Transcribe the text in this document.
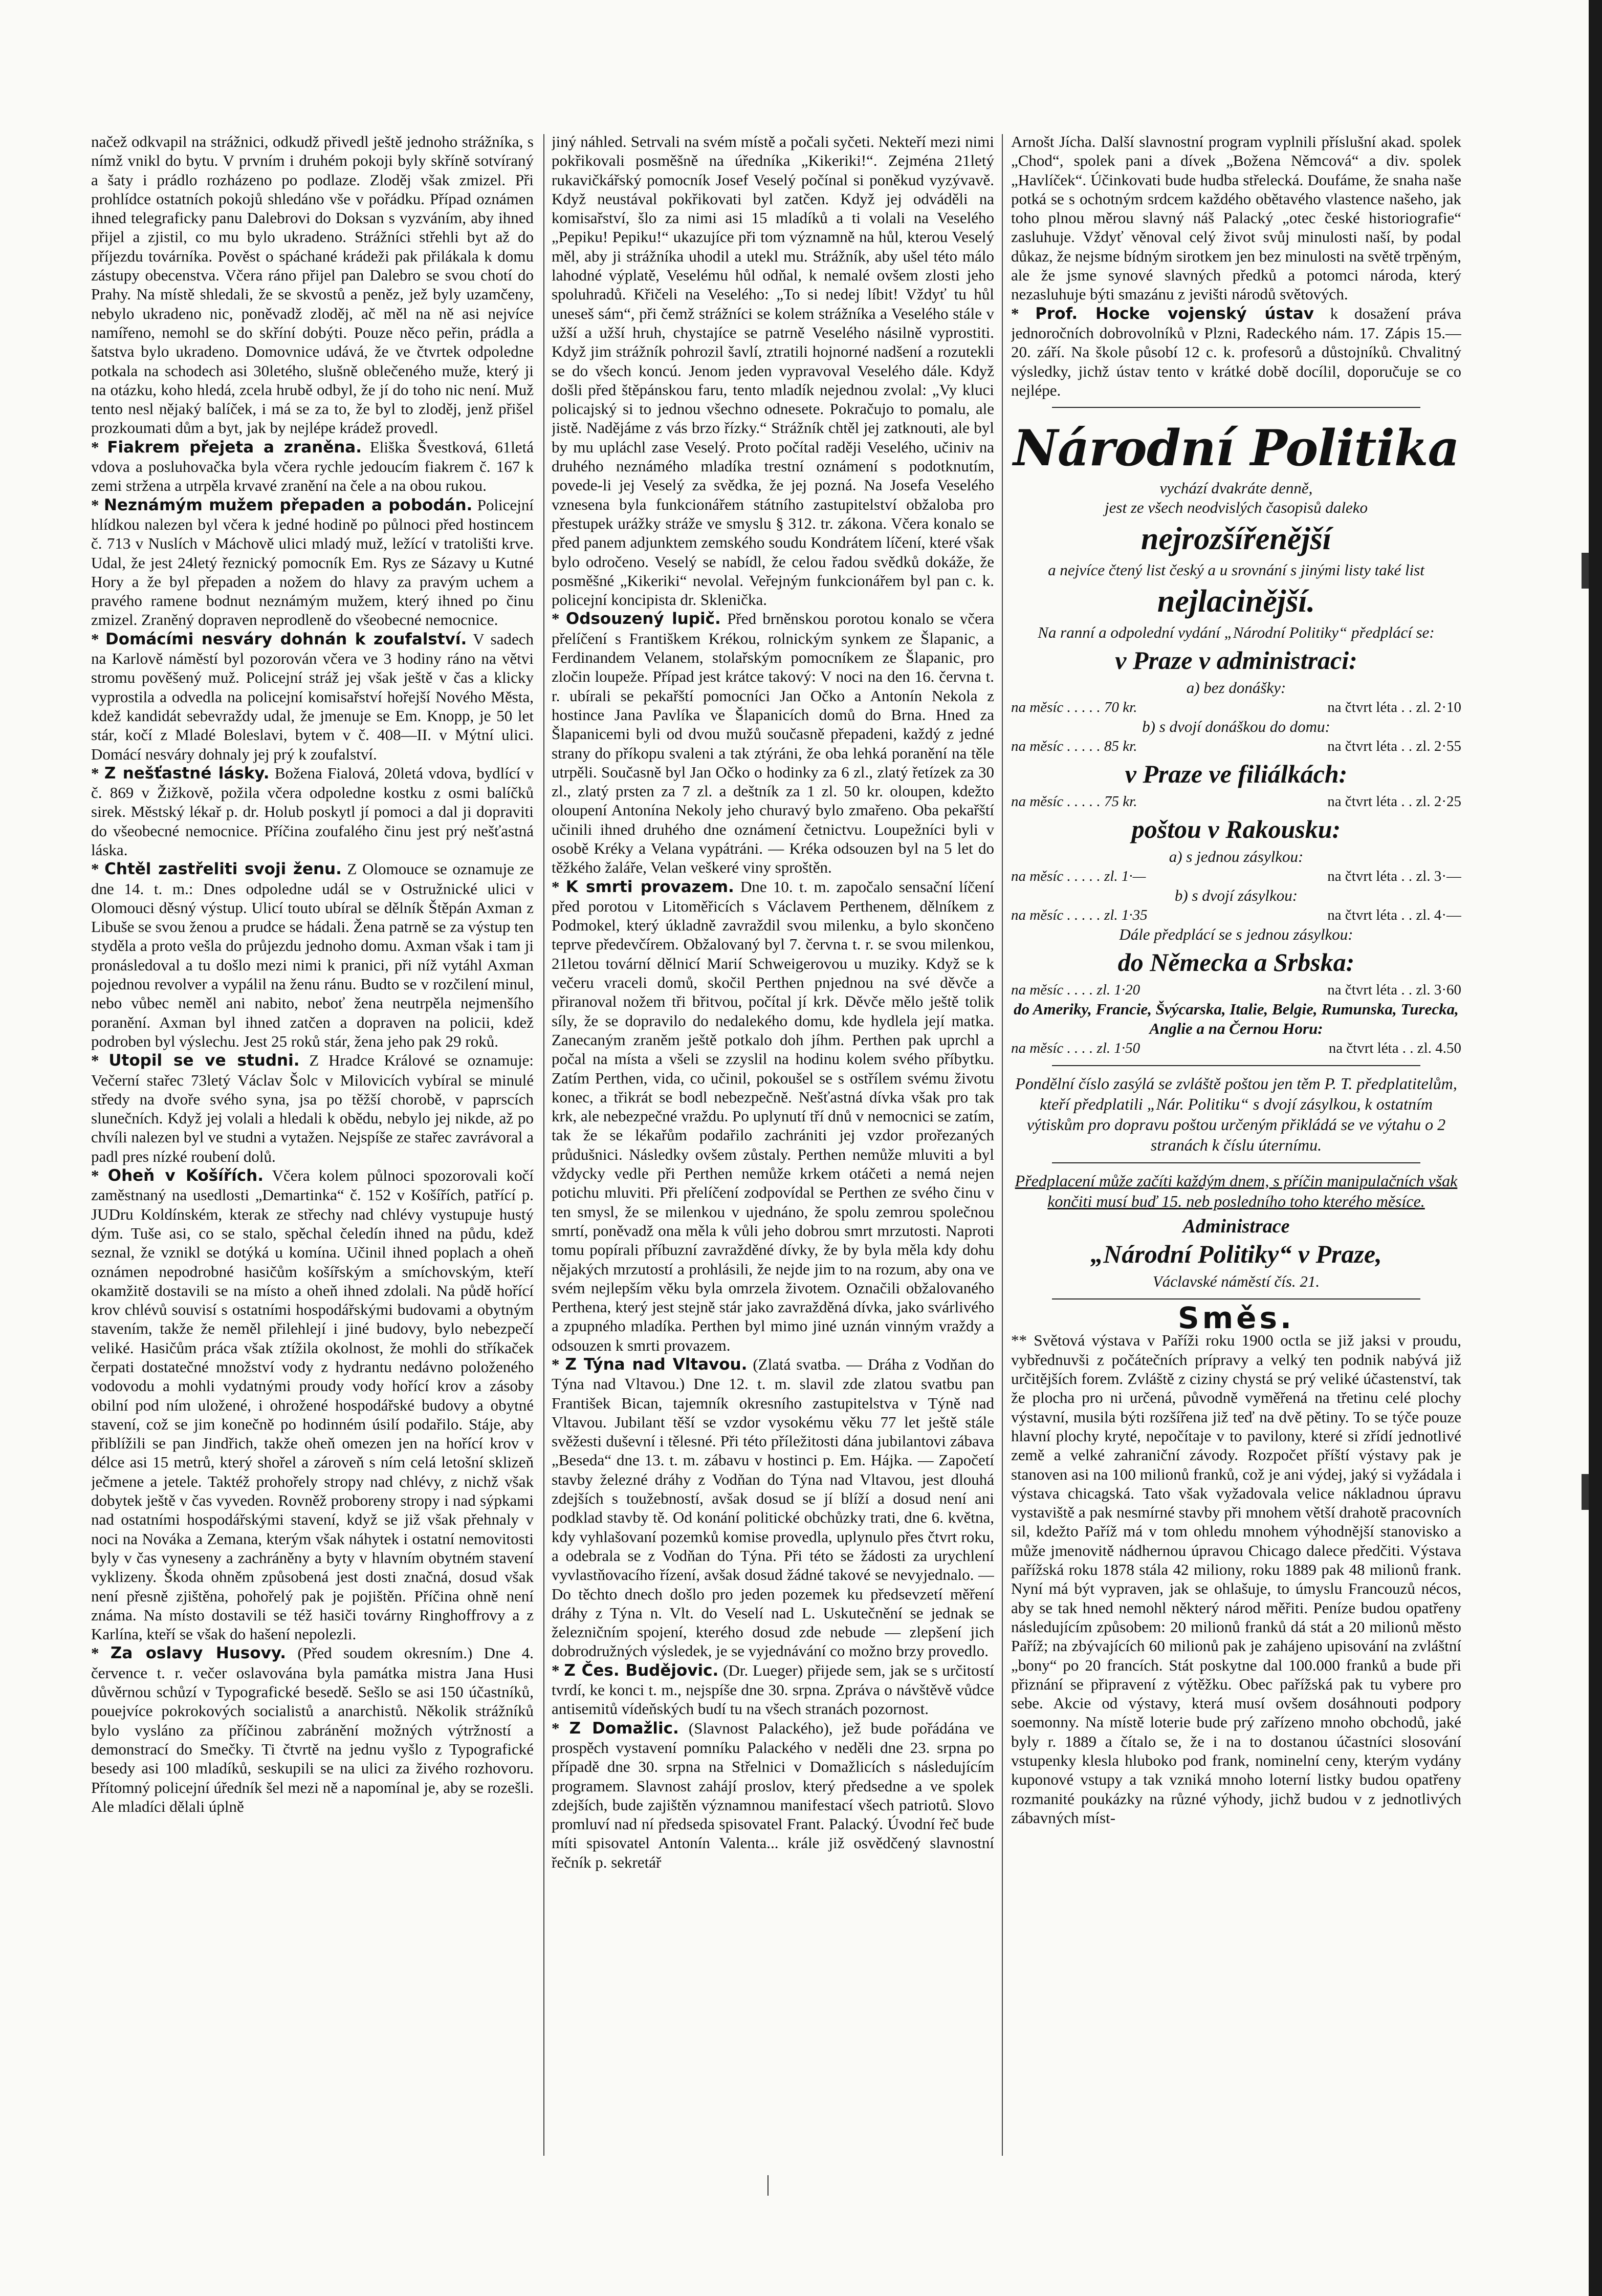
načež odkvapil na strážnici, odkudž přivedl ještě jednoho strážníka, s nímž vnikl do bytu. V prvním i druhém pokoji byly skříně sotvíraný a šaty i prádlo rozházeno po podlaze. Zloděj však zmizel. Při prohlídce ostatních pokojů shledáno vše v pořádku. Případ oznámen ihned telegraficky panu Dalebrovi do Doksan s vyzváním, aby ihned přijel a zjistil, co mu bylo ukradeno. Strážníci střehli byt až do příjezdu továrníka. Pověst o spáchané krádeži pak přilákala k domu zástupy obecenstva. Včera ráno přijel pan Dalebro se svou chotí do Prahy. Na místě shledali, že se skvostů a peněz, jež byly uzamčeny, nebylo ukradeno nic, poněvadž zloděj, ač měl na ně asi nejvíce namířeno, nemohl se do skříní dobýti. Pouze něco peřin, prádla a šatstva bylo ukradeno. Domovnice udává, že ve čtvrtek odpoledne potkala na schodech asi 30letého, slušně oblečeného muže, který ji na otázku, koho hledá, zcela hrubě odbyl, že jí do toho nic není. Muž tento nesl nějaký balíček, i má se za to, že byl to zloděj, jenž přišel prozkoumati dům a byt, jak by nejlépe krádež provedl.

* Fiakrem přejeta a zraněna. Eliška Švestková, 61letá vdova a posluhovačka byla včera rychle jedoucím fiakrem č. 167 k zemi stržena a utrpěla krvavé zranění na čele a na obou rukou.

* Neznámým mužem přepaden a pobodán. Policejní hlídkou nalezen byl včera k jedné hodině po půlnoci před hostincem č. 713 v Nuslích v Máchově ulici mladý muž, ležící v tratolišti krve. Udal, že jest 24letý řeznický pomocník Em. Rys ze Sázavy u Kutné Hory a že byl přepaden a nožem do hlavy za pravým uchem a pravého ramene bodnut neznámým mužem, který ihned po činu zmizel. Zraněný dopraven neprodleně do všeobecné nemocnice.

* Domácími nesváry dohnán k zoufalství. V sadech na Karlově náměstí byl pozorován včera ve 3 hodiny ráno na větvi stromu pověšený muž. Policejní stráž jej však ještě v čas a klicky vyprostila a odvedla na policejní komisařství hořejší Nového Města, kdež kandidát sebevraždy udal, že jmenuje se Em. Knopp, je 50 let stár, kočí z Mladé Boleslavi, bytem v č. 408—II. v Mýtní ulici. Domácí nesváry dohnaly jej prý k zoufalství.

* Z nešťastné lásky. Božena Fialová, 20letá vdova, bydlící v č. 869 v Žižkově, požila včera odpoledne kostku z osmi balíčků sirek. Městský lékař p. dr. Holub poskytl jí pomoci a dal ji dopraviti do všeobecné nemocnice. Příčina zoufalého činu jest prý nešťastná láska.

* Chtěl zastřeliti svoji ženu. Z Olomouce se oznamuje ze dne 14. t. m.: Dnes odpoledne udál se v Ostružnické ulici v Olomouci děsný výstup. Ulicí touto ubíral se dělník Štěpán Axman z Libuše se svou ženou a prudce se hádali. Žena patrně se za výstup ten styděla a proto vešla do průjezdu jednoho domu. Axman však i tam ji pronásledoval a tu došlo mezi nimi k pranici, při níž vytáhl Axman pojednou revolver a vypálil na ženu ránu. Budto se v rozčilení minul, nebo vůbec neměl ani nabito, neboť žena neutrpěla nejmenšího poranění. Axman byl ihned zatčen a dopraven na policii, kdež podroben byl výslechu. Jest 25 roků stár, žena jeho pak 29 roků.

* Utopil se ve studni. Z Hradce Králové se oznamuje: Večerní stařec 73letý Václav Šolc v Milovicích vybíral se minulé středy na dvoře svého syna, jsa po těžší chorobě, v paprscích slunečních. Když jej volali a hledali k obědu, nebylo jej nikde, až po chvíli nalezen byl ve studni a vytažen. Nejspíše ze stařec zavrávoral a padl pres nízké roubení dolů.

* Oheň v Košířích. Včera kolem půlnoci spozorovali kočí zaměstnaný na usedlosti „Demartinka“ č. 152 v Košířích, patřící p. JUDru Koldínském, kterak ze střechy nad chlévy vystupuje hustý dým. Tuše asi, co se stalo, spěchal čeledín ihned na půdu, kdež seznal, že vznikl se dotýká u komína. Učinil ihned poplach a oheň oznámen nepodrobné hasičům košířským a smíchovským, kteří okamžitě dostavili se na místo a oheň ihned zdolali. Na půdě hořící krov chlévů souvisí s ostatními hospodářskými budovami a obytným stavením, takže že neměl přilehlejí i jiné budovy, bylo nebezpečí veliké. Hasičům práca však ztížila okolnost, že mohli do stříkaček čerpati dostatečné množství vody z hydrantu nedávno položeného vodovodu a mohli vydatnými proudy vody hořící krov a zásoby obilní pod ním uložené, i ohrožené hospodářské budovy a obytné stavení, což se jim konečně po hodinném úsilí podařilo. Stáje, aby přiblížili se pan Jindřich, takže oheň omezen jen na hořící krov v délce asi 15 metrů, který shořel a zároveň s ním celá letošní sklizeň ječmene a jetele. Taktéž prohořely stropy nad chlévy, z nichž však dobytek ještě v čas vyveden. Rovněž proboreny stropy i nad sýpkami nad ostatními hospodářskými stavení, když se již však přehnaly v noci na Nováka a Zemana, kterým však náhytek i ostatní nemovitosti byly v čas vyneseny a zachráněny a byty v hlavním obytném stavení vyklizeny. Škoda ohněm způsobená jest dosti značná, dosud však není přesně zjištěna, pohořelý pak je pojištěn. Příčina ohně není známa. Na místo dostavili se též hasiči továrny Ringhoffrovy a z Karlína, kteří se však do hašení nepolezli.

* Za oslavy Husovy. (Před soudem okresním.) Dne 4. července t. r. večer oslavována byla památka mistra Jana Husi důvěrnou schůzí v Typografické besedě. Sešlo se asi 150 účastníků, pouejvíce pokrokových socialistů a anarchistů. Několik strážníků bylo vysláno za příčinou zabránění možných výtržností a demonstrací do Smečky. Ti čtvrtě na jednu vyšlo z Typografické besedy asi 100 mladíků, seskupili se na ulici za živého rozhovoru. Přítomný policejní úředník šel mezi ně a napomínal je, aby se rozešli. Ale mladíci dělali úplně

jiný náhled. Setrvali na svém místě a počali syčeti. Nekteří mezi nimi pokřikovali posměšně na úředníka „Kikeriki!“. Zejména 21letý rukavičkářský pomocník Josef Veselý počínal si poněkud vyzývavě. Když neustával pokřikovati byl zatčen. Když jej odváděli na komisařství, šlo za nimi asi 15 mladíků a ti volali na Veselého „Pepiku! Pepiku!“ ukazujíce při tom významně na hůl, kterou Veselý měl, aby ji strážníka uhodil a utekl mu. Strážník, aby ušel této málo lahodné výplatě, Veselému hůl odňal, k nemalé ovšem zlosti jeho spoluhradů. Křičeli na Veselého: „To si nedej líbit! Vždyť tu hůl uneseš sám“, při čemž strážníci se kolem strážníka a Veselého stále v užší a užší hruh, chystajíce se patrně Veselého násilně vyprostiti. Když jim strážník pohrozil šavlí, ztratili hojnorné nadšení a rozutekli se do všech koncú. Jenom jeden vypravoval Veselého dále. Když došli před štěpánskou faru, tento mladík nejednou zvolal: „Vy kluci policajský si to jednou všechno odnesete. Pokračujo to pomalu, ale jistě. Nadějáme z vás brzo řízky.“ Strážník chtěl jej zatknouti, ale byl by mu upláchl zase Veselý. Proto počítal raději Veselého, učiniv na druhého neznámého mladíka trestní oznámení s podotknutím, povede-li jej Veselý za svědka, že jej pozná. Na Josefa Veselého vznesena byla funkcionářem státního zastupitelství obžaloba pro přestupek urážky stráže ve smyslu § 312. tr. zákona. Včera konalo se před panem adjunktem zemského soudu Kondrátem líčení, které však bylo odročeno. Veselý se nabídl, že celou řadou svědků dokáže, že posměšné „Kikeriki“ nevolal. Veřejným funkcionářem byl pan c. k. policejní koncipista dr. Sklenička.

* Odsouzený lupič. Před brněnskou porotou konalo se včera přelíčení s Františkem Krékou, rolnickým synkem ze Šlapanic, a Ferdinandem Velanem, stolařským pomocníkem ze Šlapanic, pro zločin loupeže. Případ jest krátce takový: V noci na den 16. června t. r. ubírali se pekařští pomocníci Jan Očko a Antonín Nekola z hostince Jana Pavlíka ve Šlapanicích domů do Brna. Hned za Šlapanicemi byli od dvou mužů současně přepadeni, každý z jedné strany do příkopu svaleni a tak ztýráni, že oba lehká poranění na těle utrpěli. Současně byl Jan Očko o hodinky za 6 zl., zlatý řetízek za 30 zl., zlatý prsten za 7 zl. a deštník za 1 zl. 50 kr. oloupen, kdežto oloupení Antonína Nekoly jeho churavý bylo zmařeno. Oba pekařští učinili ihned druhého dne oznámení četnictvu. Loupežníci byli v osobě Kréky a Velana vypátráni. — Kréka odsouzen byl na 5 let do těžkého žaláře, Velan veškeré viny sproštěn.

* K smrti provazem. Dne 10. t. m. započalo sensační líčení před porotou v Litoměřicích s Václavem Perthenem, dělníkem z Podmokel, který úkladně zavraždil svou milenku, a bylo skončeno teprve předevčírem. Obžalovaný byl 7. června t. r. se svou milenkou, 21letou tovární dělnicí Marií Schweigerovou u muziky. Když se k večeru vraceli domů, skočil Perthen pnjednou na své děvče a přiranoval nožem tři břitvou, počítal jí krk. Děvče mělo ještě tolik síly, že se dopravilo do nedalekého domu, kde hydlela její matka. Zanecaným zraněm ještě potkalo doh jíhm. Perthen pak uprchl a počal na místa a všeli se zzyslil na hodinu kolem svého příbytku. Zatím Perthen, vida, co učinil, pokoušel se s ostřílem svému životu konec, a třikrát se bodl nebezpečně. Nešťastná dívka však pro tak krk, ale nebezpečné vraždu. Po uplynutí tří dnů v nemocnici se zatím, tak že se lékařům podařilo zachrániti jej vzdor prořezaných průdušnici. Následky ovšem zůstaly. Perthen nemůže mluviti a byl vždycky vedle při Perthen nemůže krkem otáčeti a nemá nejen potichu mluviti. Při přelíčení zodpovídal se Perthen ze svého činu v ten smysl, že se milenkou v ujednáno, že spolu zemrou společnou smrtí, poněvadž ona měla k vůli jeho dobrou smrt mrzutosti. Naproti tomu popírali příbuzní zavražděné dívky, že by byla měla kdy dohu nějakých mrzutostí a prohlásili, že nejde jim to na rozum, aby ona ve svém nejlepším věku byla omrzela životem. Označili obžalovaného Perthena, který jest stejně stár jako zavražděná dívka, jako svárlivého a zpupného mladíka. Perthen byl mimo jiné uznán vinným vraždy a odsouzen k smrti provazem.

* Z Týna nad Vltavou. (Zlatá svatba. — Dráha z Vodňan do Týna nad Vltavou.) Dne 12. t. m. slavil zde zlatou svatbu pan František Bican, tajemník okresního zastupitelstva v Týně nad Vltavou. Jubilant těší se vzdor vysokému věku 77 let ještě stále svěžesti duševní i tělesné. Při této příležitosti dána jubilantovi zábava „Beseda“ dne 13. t. m. zábavu v hostinci p. Em. Hájka. — Započetí stavby železné dráhy z Vodňan do Týna nad Vltavou, jest dlouhá zdejších s toužebností, avšak dosud se jí blíží a dosud není ani podklad stavby tě. Od konání politické obchůzky trati, dne 6. května, kdy vyhlašovaní pozemků komise provedla, uplynulo přes čtvrt roku, a odebrala se z Vodňan do Týna. Při této se žádosti za urychlení vyvlastňovacího řízení, avšak dosud žádné takové se nevyjednalo. — Do těchto dnech došlo pro jeden pozemek ku předsevzetí měření dráhy z Týna n. Vlt. do Veselí nad L. Uskutečnění se jednak se železničním spojení, kterého dosud zde nebude — zlepšení jich dobrodružných výsledek, je se vyjednávání co možno brzy provedlo.

* Z Čes. Budějovic. (Dr. Lueger) přijede sem, jak se s určitostí tvrdí, ke konci t. m., nejspíše dne 30. srpna. Zpráva o návštěvě vůdce antisemitů vídeňských budí tu na všech stranách pozornost.

* Z Domažlic. (Slavnost Palackého), jež bude pořádána ve prospěch vystavení pomníku Palackého v neděli dne 23. srpna po případě dne 30. srpna na Střelnici v Domažlicích s následujícím programem. Slavnost zahájí proslov, který předsedne a ve spolek zdejších, bude zajištěn významnou manifestací všech patriotů. Slovo promluví nad ní předseda spisovatel Frant. Palacký. Úvodní řeč bude míti spisovatel Antonín Valenta... krále již osvědčený slavnostní řečník p. sekretář

Arnošt Jícha. Další slavnostní program vyplnili příslušní akad. spolek „Chod“, spolek pani a dívek „Božena Němcová“ a div. spolek „Havlíček“. Účinkovati bude hudba střelecká. Doufáme, že snaha naše potká se s ochotným srdcem každého obětavého vlastence našeho, jak toho plnou měrou slavný náš Palacký „otec české historiografie“ zasluhuje. Vždyť věnoval celý život svůj minulosti naší, by podal důkaz, že nejsme bídným sirotkem jen bez minulosti na světě trpěným, ale že jsme synové slavných předků a potomci národa, který nezasluhuje býti smazánu z jevišti národů světových.

* Prof. Hocke vojenský ústav k dosažení práva jednoročních dobrovolníků v Plzni, Radeckého nám. 17. Zápis 15.—20. září. Na škole působí 12 c. k. profesorů a důstojníků. Chvalitný výsledky, jichž ústav tento v krátké době docílil, doporučuje se co nejlépe.

Národní Politika
vychází dvakráte denně,
jest ze všech neodvislých časopisů daleko
nejrozšířenější
a nejvíce čtený list český a u srovnání s jinými listy také list
nejlacinější.
Na ranní a odpolední vydání „Národní Politiky“ předplácí se:
v Praze v administraci:
a) bez donášky:
na měsíc . . . . . 70 kr.	na čtvrt léta . . zl. 2·10
b) s dvojí donáškou do domu:
na měsíc . . . . . 85 kr.	na čtvrt léta . . zl. 2·55
v Praze ve filiálkách:
na měsíc . . . . . 75 kr.	na čtvrt léta . . zl. 2·25
poštou v Rakousku:
a) s jednou zásylkou:
na měsíc . . . . . zl. 1·—	na čtvrt léta . . zl. 3·—
b) s dvojí zásylkou:
na měsíc . . . . . zl. 1·35	na čtvrt léta . . zl. 4·—
Dále předplácí se s jednou zásylkou:
do Německa a Srbska:
na měsíc . . . . zl. 1·20	na čtvrt léta . . zl. 3·60
do Ameriky, Francie, Švýcarska, Italie, Belgie, Rumunska, Turecka, Anglie a na Černou Horu:
na měsíc . . . . zl. 1·50	na čtvrt léta . . zl. 4.50
Pondělní číslo zasýlá se zvláště poštou jen těm P. T. předplatitelům, kteří předplatili „Nár. Politiku“ s dvojí zásylkou, k ostatním výtiskům pro dopravu poštou určeným přikládá se ve výtahu o 2 stranách k číslu úternímu.
Předplacení může začíti každým dnem, s příčin manipulačních však končiti musí buď 15. neb posledního toho kterého měsíce.
Administrace
„Národní Politiky“ v Praze,
Václavské náměstí čís. 21.
Směs.

** Světová výstava v Paříži roku 1900 octla se již jaksi v proudu, vybřednuvši z počátečních prípravy a velký ten podnik nabývá již určitějších forem. Zvláště z ciziny chystá se prý veliké účastenství, tak že plocha pro ni určená, původně vyměřená na třetinu celé plochy výstavní, musila býti rozšířena již teď na dvě pětiny. To se týče pouze hlavní plochy kryté, nepočítaje v to pavilony, které si zřídí jednotlivé země a velké zahraniční závody. Rozpočet příští výstavy pak je stanoven asi na 100 milionů franků, což je ani výdej, jaký si vyžádala i výstava chicagská. Tato však vyžadovala velice nákladnou úpravu vystaviště a pak nesmírné stavby při mnohem větší drahotě pracovních sil, kdežto Paříž má v tom ohledu mnohem výhodnější stanovisko a může jmenovitě nádhernou úpravou Chicago dalece předčiti. Výstava pařížská roku 1878 stála 42 miliony, roku 1889 pak 48 milionů frank. Nyní má být vypraven, jak se ohlašuje, to úmyslu Francouzů nécos, aby se tak hned nemohl některý národ měřiti. Peníze budou opatřeny následujícím způsobem: 20 milionů franků dá stát a 20 milionů město Paříž; na zbývajících 60 milionů pak je zahájeno upisování na zvláštní „bony“ po 20 francích. Stát poskytne dal 100.000 franků a bude při přiznání se připravení z výtěžku. Obec pařížská pak tu vybere pro sebe. Akcie od výstavy, která musí ovšem dosáhnouti podpory soemonny. Na místě loterie bude prý zařízeno mnoho obchodů, jaké byly r. 1889 a čítalo se, že i na to dostanou účastníci slosování vstupenky klesla hluboko pod frank, nominelní ceny, kterým vydány kuponové vstupy a tak vzniká mnoho loterní listky budou opatřeny rozmanité poukázky na různé výhody, jichž budou v z jednotlivých zábavných míst-
